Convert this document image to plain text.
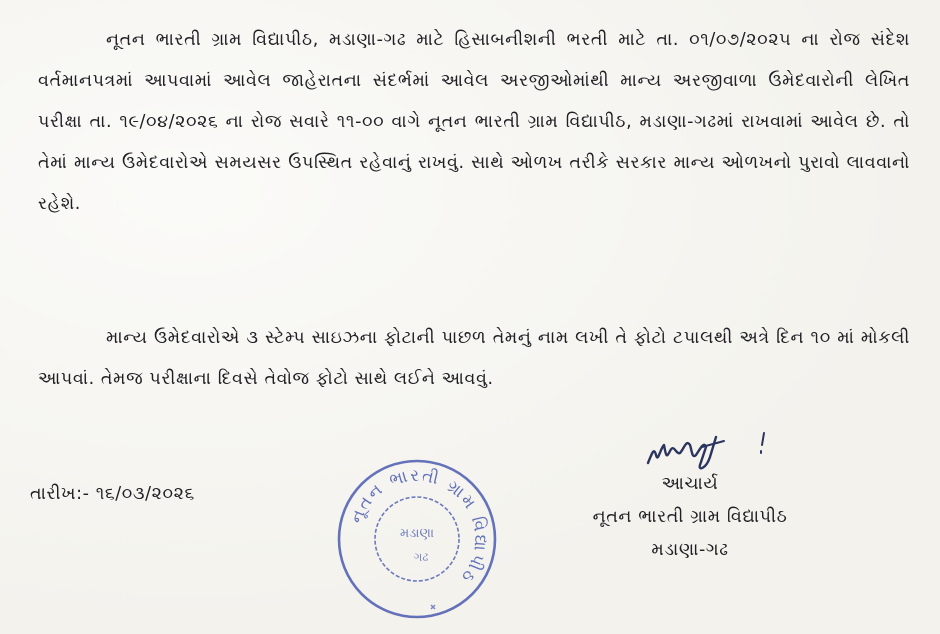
નૂતન ભારતી ગ્રામ વિદ્યાપીઠ, મડાણા-ગઢ માટે હિસાબનીશની ભરતી માટે તા. ૦૧/૦૭/૨૦૨૫ ના રોજ સંદેશ વર્તમાનપત્રમાં આપવામાં આવેલ જાહેરાતના સંદર્ભમાં આવેલ અરજીઓમાંથી માન્ય અરજીવાળા ઉમેદવારોની લેખિત પરીક્ષા તા. ૧૯/૦૪/૨૦૨૬ ના રોજ સવારે ૧૧-૦૦ વાગે નૂતન ભારતી ગ્રામ વિદ્યાપીઠ, મડાણા-ગઢમાં રાખવામાં આવેલ છે. તો તેમાં માન્ય ઉમેદવારોએ સમયસર ઉપસ્થિત રહેવાનું રાખવું. સાથે ઓળખ તરીકે સરકાર માન્ય ઓળખનો પુરાવો લાવવાનો રહેશે.

માન્ય ઉમેદવારોએ ૩ સ્ટેમ્પ સાઇઝના ફોટાની પાછળ તેમનું નામ લખી તે ફોટો ટપાલથી અત્રે દિન ૧૦ માં મોકલી આપવાં. તેમજ પરીક્ષાના દિવસે તેવોજ ફોટો સાથે લઈને આવવું.

તારીખ:- ૧૬/૦૩/૨૦૨૬
નૂતન ભારતી ગ્રામ વિદ્યાપીઠ
મડાણા
ગઢ
આચાર્ય
નૂતન ભારતી ગ્રામ વિદ્યાપીઠ
મડાણા-ગઢ
